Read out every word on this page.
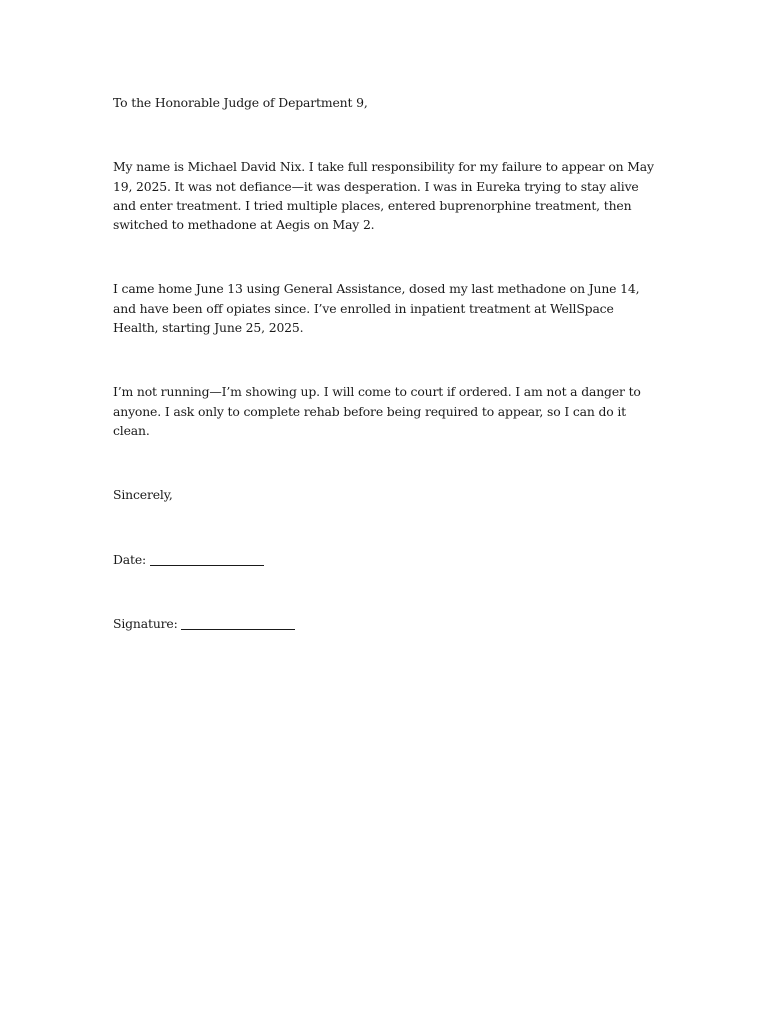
To the Honorable Judge of Department 9,

My name is Michael David Nix. I take full responsibility for my failure to appear on May 19, 2025. It was not defiance—it was desperation. I was in Eureka trying to stay alive and enter treatment. I tried multiple places, entered buprenorphine treatment, then switched to methadone at Aegis on May 2.

I came home June 13 using General Assistance, dosed my last methadone on June 14, and have been off opiates since. I’ve enrolled in inpatient treatment at WellSpace Health, starting June 25, 2025.

I’m not running—I’m showing up. I will come to court if ordered. I am not a danger to anyone. I ask only to complete rehab before being required to appear, so I can do it clean.

Sincerely,

Date:

Signature:
